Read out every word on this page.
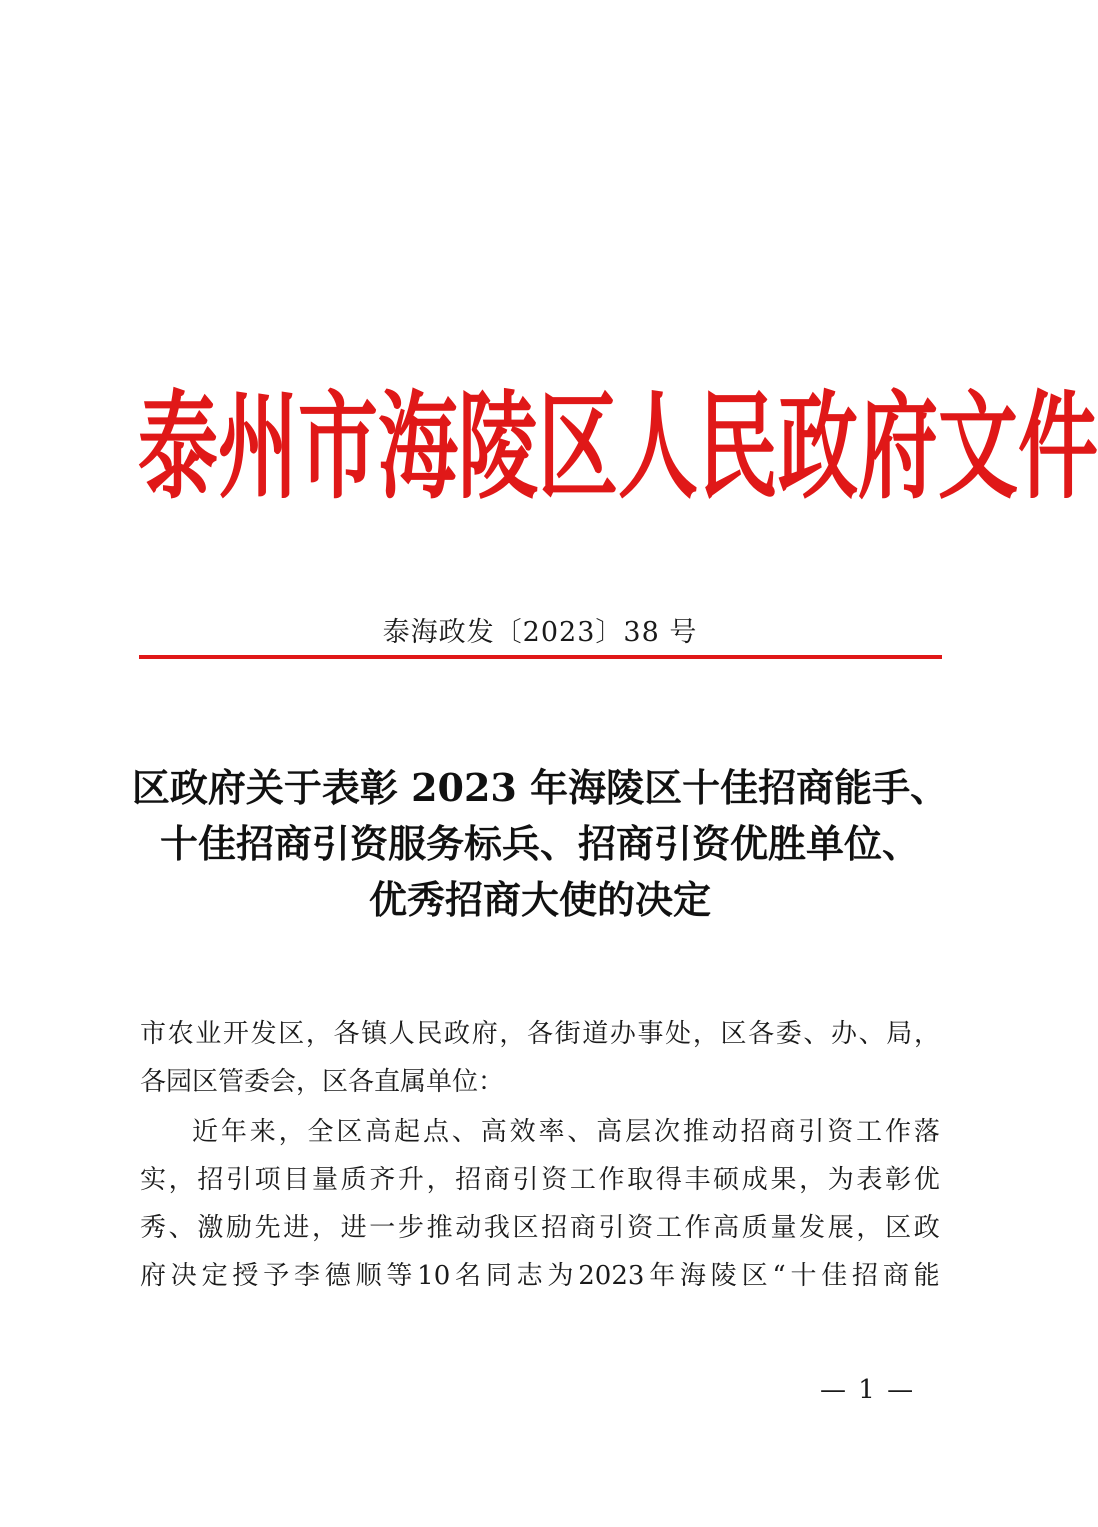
泰 州 市 海 陵 区 人 民 政 府 文 件
泰海政发〔2023〕38 号
区政府关于表彰 2023 年海陵区十佳招商能手、
十佳招商引资服务标兵、招商引资优胜单位、
优秀招商大使的决定
市 农 业 开 发 区 ， 各 镇 人 民 政 府 ， 各 街 道 办 事 处 ， 区 各 委 、 办 、 局 ，
各园区管委会，区各直属单位：
近 年 来 ， 全 区 高 起 点 、 高 效 率 、 高 层 次 推 动 招 商 引 资 工 作 落
实 ， 招 引 项 目 量 质 齐 升 ， 招 商 引 资 工 作 取 得 丰 硕 成 果 ， 为 表 彰 优
秀 、 激 励 先 进 ， 进 一 步 推 动 我 区 招 商 引 资 工 作 高 质 量 发 展 ， 区 政
府 决 定 授 予 李 德 顺 等 10 名 同 志 为 2023 年 海 陵 区 “ 十 佳 招 商 能
— 1 —
